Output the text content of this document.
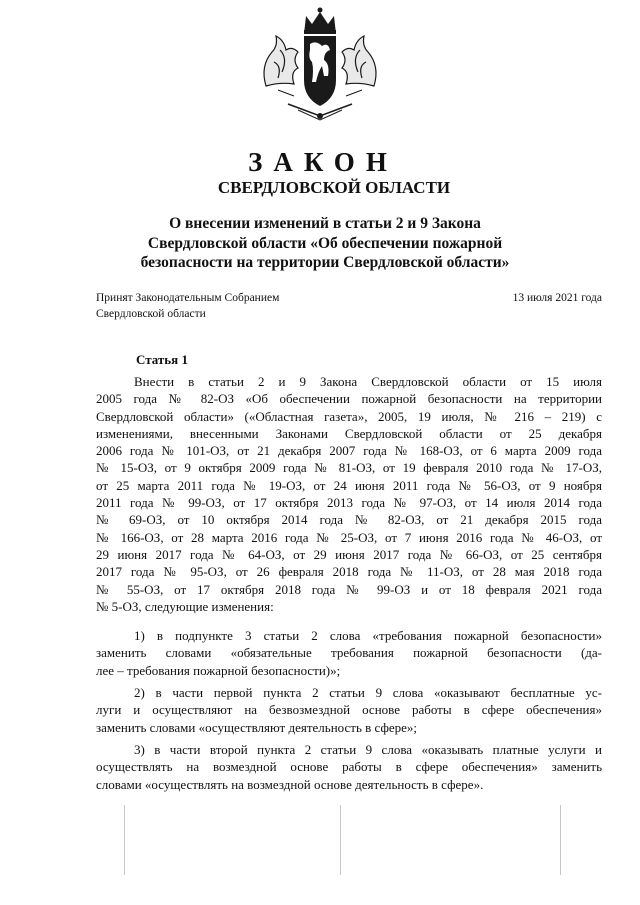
ЗАКОН
СВЕРДЛОВСКОЙ ОБЛАСТИ
О внесении изменений в статьи 2 и 9 Закона
Свердловской области «Об обеспечении пожарной
безопасности на территории Свердловской области»
Принят Законодательным Собранием
Свердловской области
13 июля 2021 года
Статья 1
Внести в статьи 2 и 9 Закона Свердловской области от 15 июля
2005 года № 82-ОЗ «Об обеспечении пожарной безопасности на территории
Свердловской области» («Областная газета», 2005, 19 июля, № 216 – 219) с
изменениями, внесенными Законами Свердловской области от 25 декабря
2006 года № 101-ОЗ, от 21 декабря 2007 года № 168-ОЗ, от 6 марта 2009 года
№ 15-ОЗ, от 9 октября 2009 года № 81-ОЗ, от 19 февраля 2010 года № 17-ОЗ,
от 25 марта 2011 года № 19-ОЗ, от 24 июня 2011 года № 56-ОЗ, от 9 ноября
2011 года № 99-ОЗ, от 17 октября 2013 года № 97-ОЗ, от 14 июля 2014 года
№ 69-ОЗ, от 10 октября 2014 года № 82-ОЗ, от 21 декабря 2015 года
№ 166-ОЗ, от 28 марта 2016 года № 25-ОЗ, от 7 июня 2016 года № 46-ОЗ, от
29 июня 2017 года № 64-ОЗ, от 29 июня 2017 года № 66-ОЗ, от 25 сентября
2017 года № 95-ОЗ, от 26 февраля 2018 года № 11-ОЗ, от 28 мая 2018 года
№ 55-ОЗ, от 17 октября 2018 года № 99-ОЗ и от 18 февраля 2021 года
№ 5-ОЗ, следующие изменения:
1) в подпункте 3 статьи 2 слова «требования пожарной безопасности»
заменить словами «обязательные требования пожарной безопасности (да-
лее – требования пожарной безопасности)»;
2) в части первой пункта 2 статьи 9 слова «оказывают бесплатные ус-
луги и осуществляют на безвозмездной основе работы в сфере обеспечения»
заменить словами «осуществляют деятельность в сфере»;
3) в части второй пункта 2 статьи 9 слова «оказывать платные услуги и
осуществлять на возмездной основе работы в сфере обеспечения» заменить
словами «осуществлять на возмездной основе деятельность в сфере».
